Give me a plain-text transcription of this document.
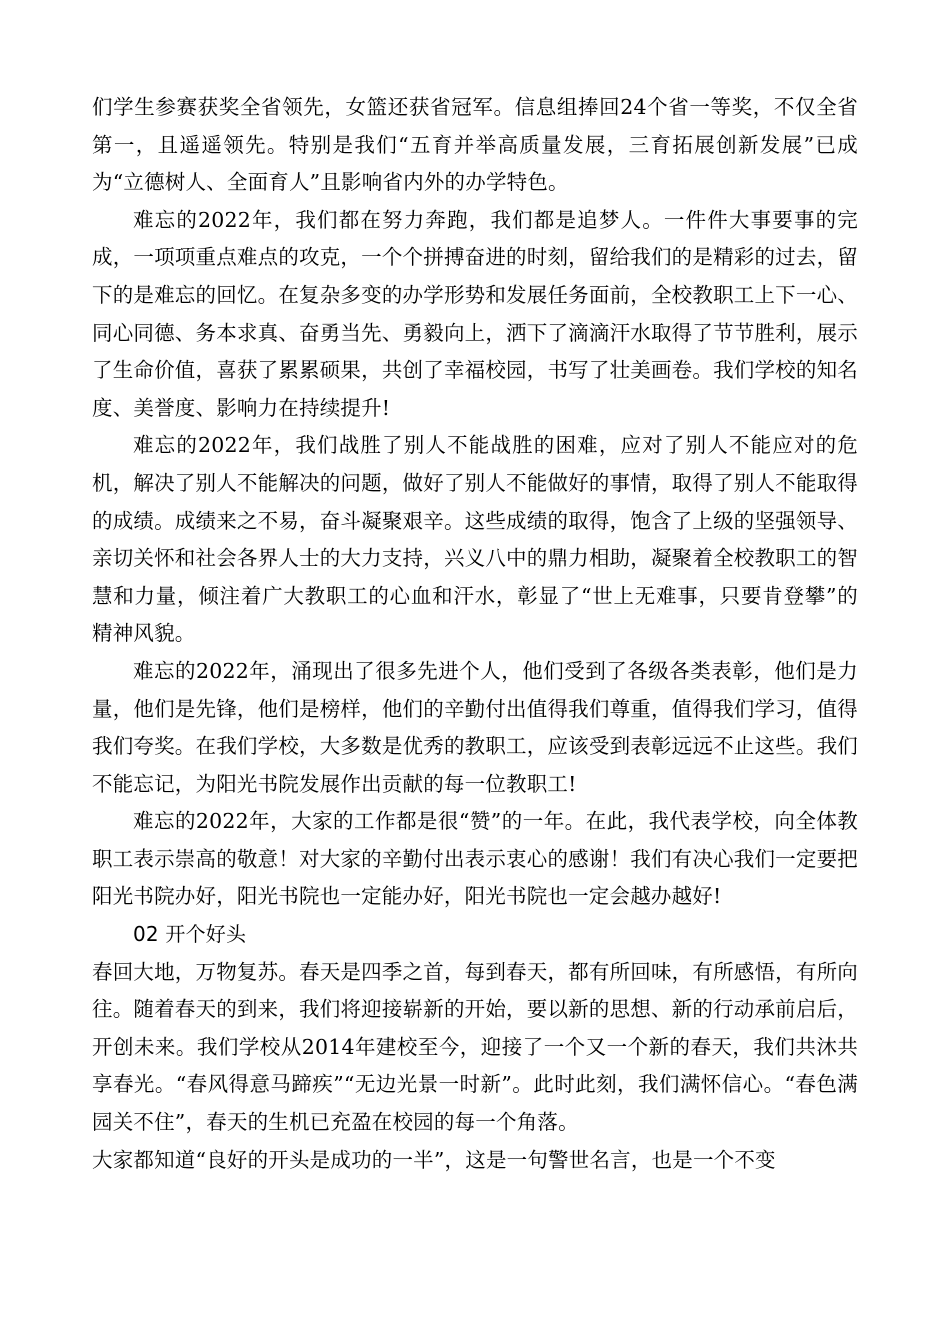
们学生参赛获奖全省领先，女篮还获省冠军。信息组捧回24个省一等奖，不仅全省第一，且遥遥领先。特别是我们“五育并举高质量发展，三育拓展创新发展”已成为“立德树人、全面育人”且影响省内外的办学特色。

难忘的2022年，我们都在努力奔跑，我们都是追梦人。一件件大事要事的完成，一项项重点难点的攻克，一个个拼搏奋进的时刻，留给我们的是精彩的过去，留下的是难忘的回忆。在复杂多变的办学形势和发展任务面前，全校教职工上下一心、同心同德、务本求真、奋勇当先、勇毅向上，洒下了滴滴汗水取得了节节胜利，展示了生命价值，喜获了累累硕果，共创了幸福校园，书写了壮美画卷。我们学校的知名度、美誉度、影响力在持续提升!

难忘的2022年，我们战胜了别人不能战胜的困难，应对了别人不能应对的危机，解决了别人不能解决的问题，做好了别人不能做好的事情，取得了别人不能取得的成绩。成绩来之不易，奋斗凝聚艰辛。这些成绩的取得，饱含了上级的坚强领导、亲切关怀和社会各界人士的大力支持，兴义八中的鼎力相助，凝聚着全校教职工的智慧和力量，倾注着广大教职工的心血和汗水，彰显了“世上无难事，只要肯登攀”的精神风貌。

难忘的2022年，涌现出了很多先进个人，他们受到了各级各类表彰，他们是力量，他们是先锋，他们是榜样，他们的辛勤付出值得我们尊重，值得我们学习，值得我们夸奖。在我们学校，大多数是优秀的教职工，应该受到表彰远远不止这些。我们不能忘记，为阳光书院发展作出贡献的每一位教职工!

难忘的2022年，大家的工作都是很“赞”的一年。在此，我代表学校，向全体教职工表示崇高的敬意！对大家的辛勤付出表示衷心的感谢！我们有决心我们一定要把阳光书院办好，阳光书院也一定能办好，阳光书院也一定会越办越好!

02 开个好头

春回大地，万物复苏。春天是四季之首，每到春天，都有所回味，有所感悟，有所向往。随着春天的到来，我们将迎接崭新的开始，要以新的思想、新的行动承前启后，开创未来。我们学校从2014年建校至今，迎接了一个又一个新的春天，我们共沐共享春光。“春风得意马蹄疾”“无边光景一时新”。此时此刻，我们满怀信心。“春色满园关不住”，春天的生机已充盈在校园的每一个角落。

大家都知道“良好的开头是成功的一半”，这是一句警世名言，也是一个不变
